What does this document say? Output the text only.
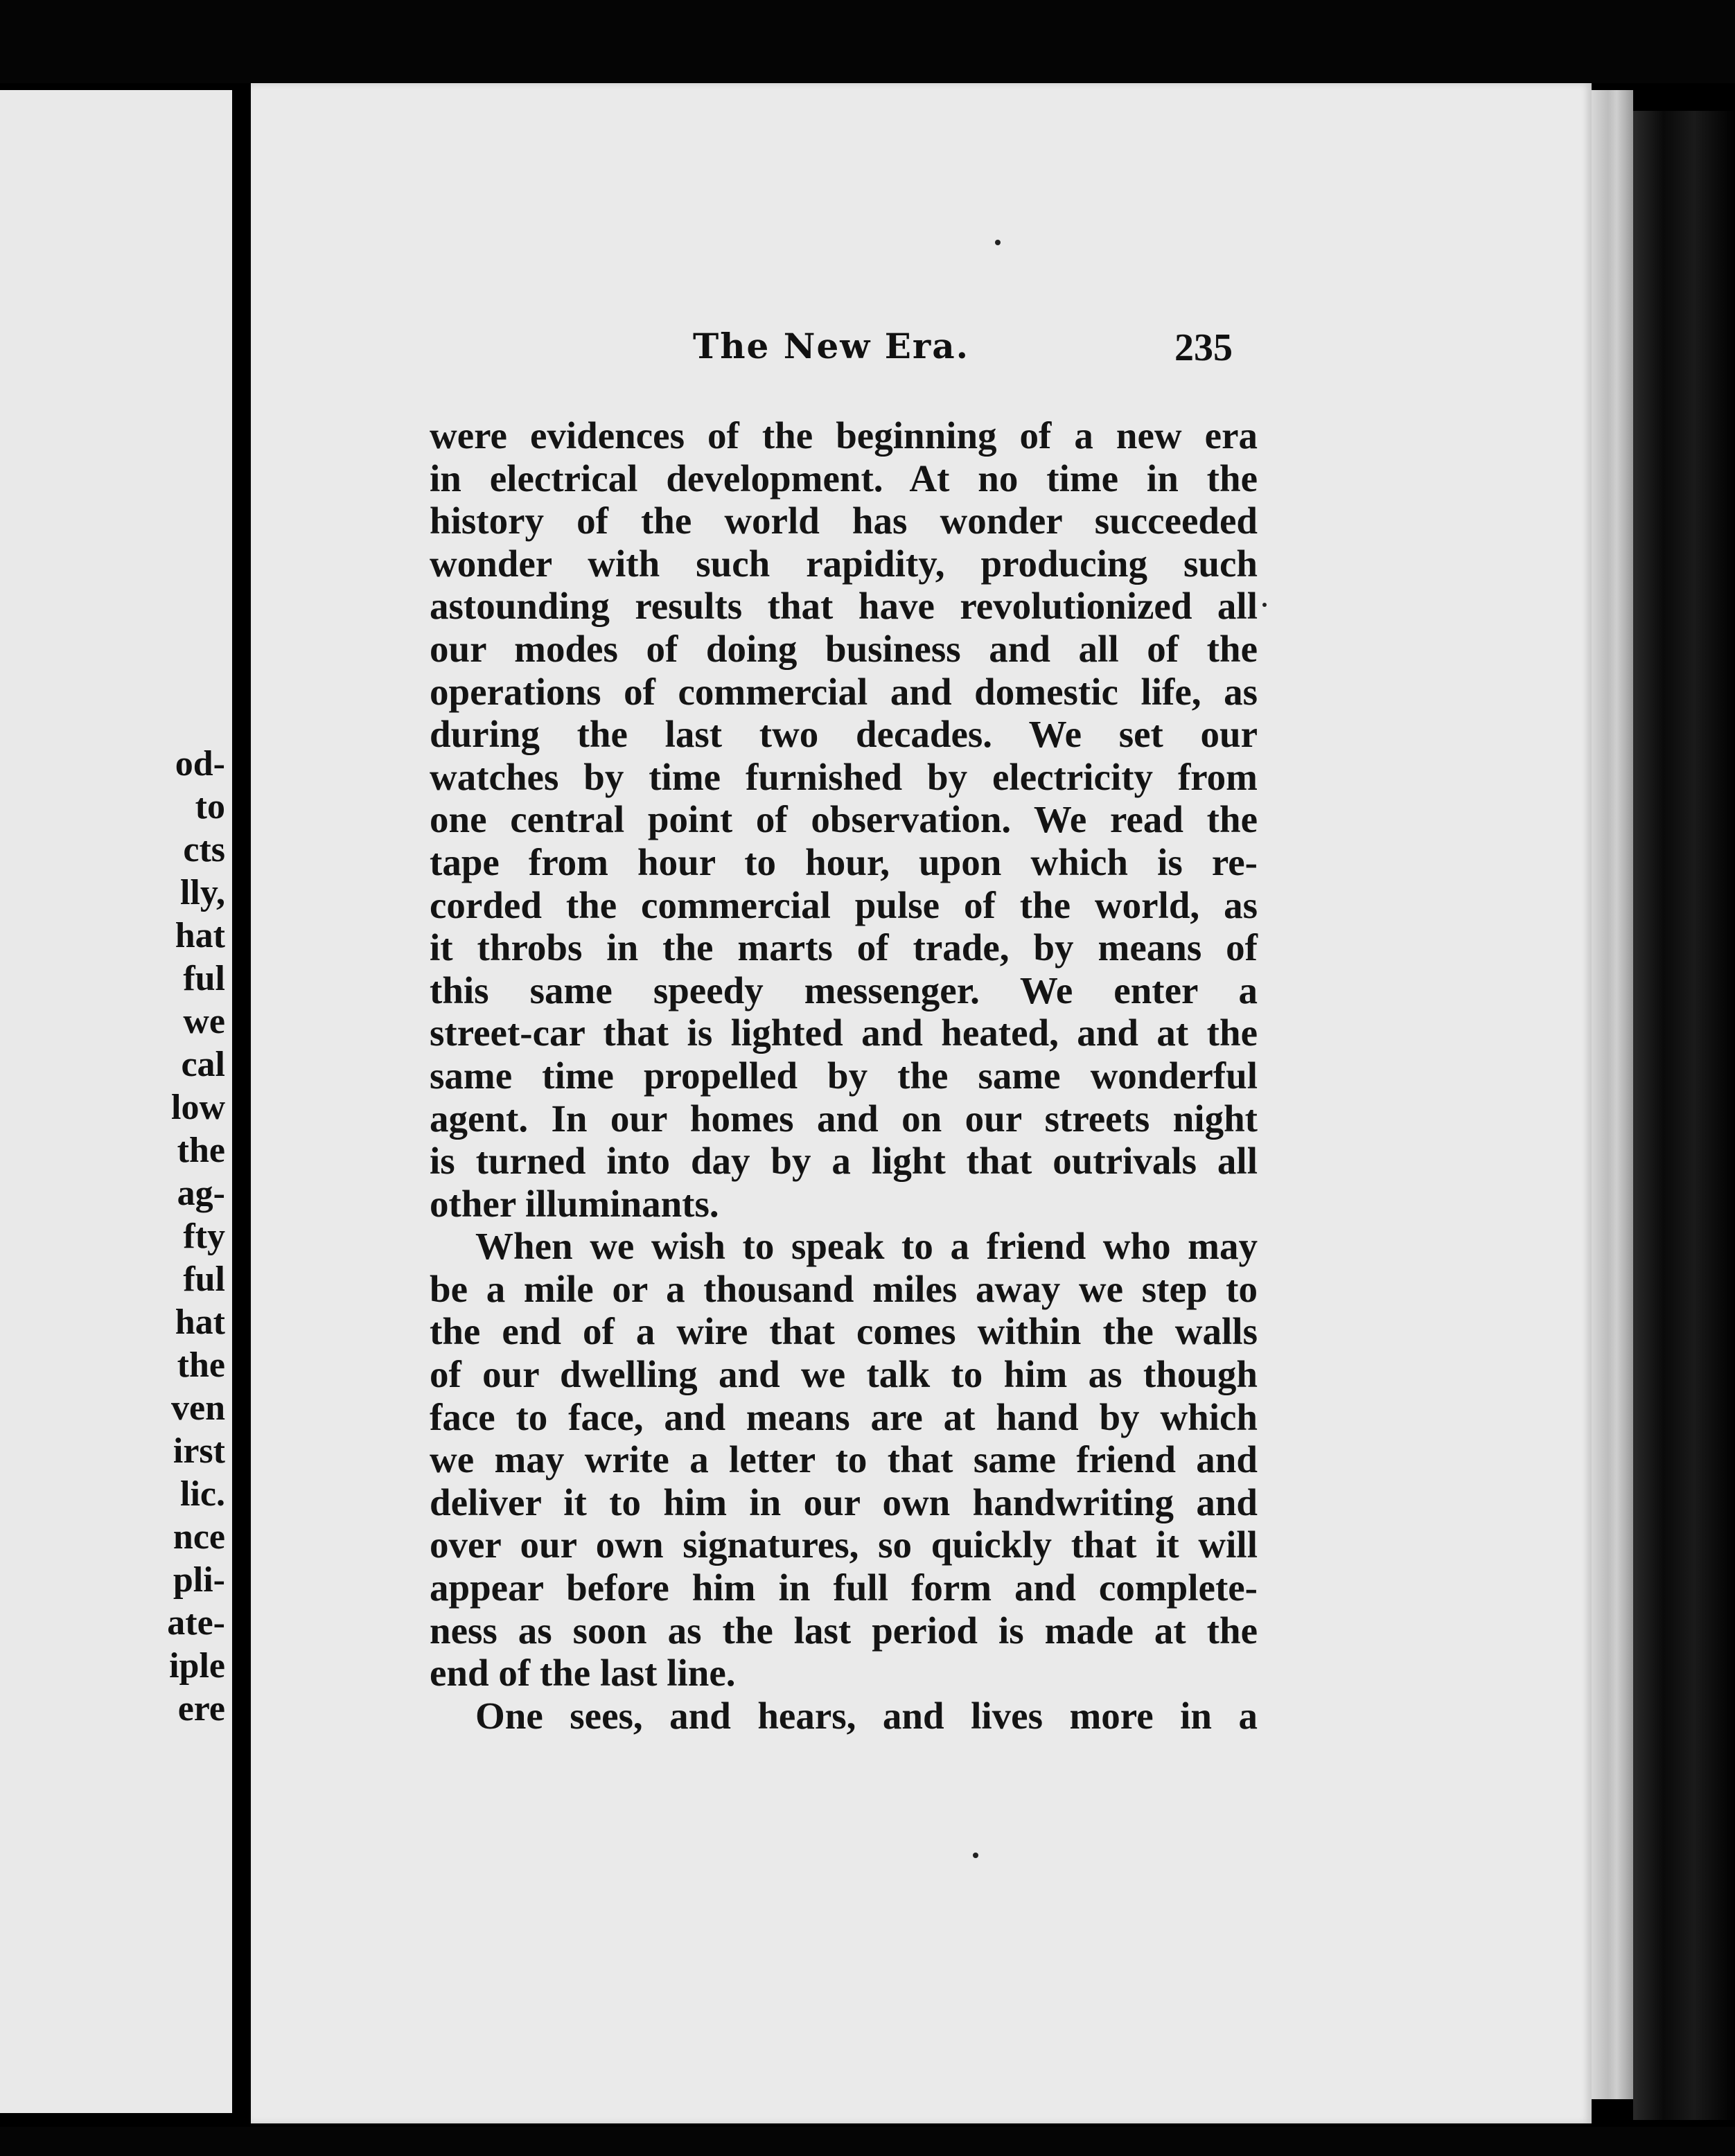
od-
to
cts
lly,
hat
ful
we
cal
low
the
ag-
fty
ful
hat
the
ven
irst
lic.
nce
pli-
ate-
iple
ere
The New Era.	235
were evidences of the beginning of a new era
in electrical development. At no time in the
history of the world has wonder succeeded
wonder with such rapidity, producing such
astounding results that have revolutionized all
our modes of doing business and all of the
operations of commercial and domestic life, as
during the last two decades. We set our
watches by time furnished by electricity from
one central point of observation. We read the
tape from hour to hour, upon which is re-
corded the commercial pulse of the world, as
it throbs in the marts of trade, by means of
this same speedy messenger. We enter a
street-car that is lighted and heated, and at the
same time propelled by the same wonderful
agent. In our homes and on our streets night
is turned into day by a light that outrivals all
other illuminants.
When we wish to speak to a friend who may
be a mile or a thousand miles away we step to
the end of a wire that comes within the walls
of our dwelling and we talk to him as though
face to face, and means are at hand by which
we may write a letter to that same friend and
deliver it to him in our own handwriting and
over our own signatures, so quickly that it will
appear before him in full form and complete-
ness as soon as the last period is made at the
end of the last line.
One sees, and hears, and lives more in a
